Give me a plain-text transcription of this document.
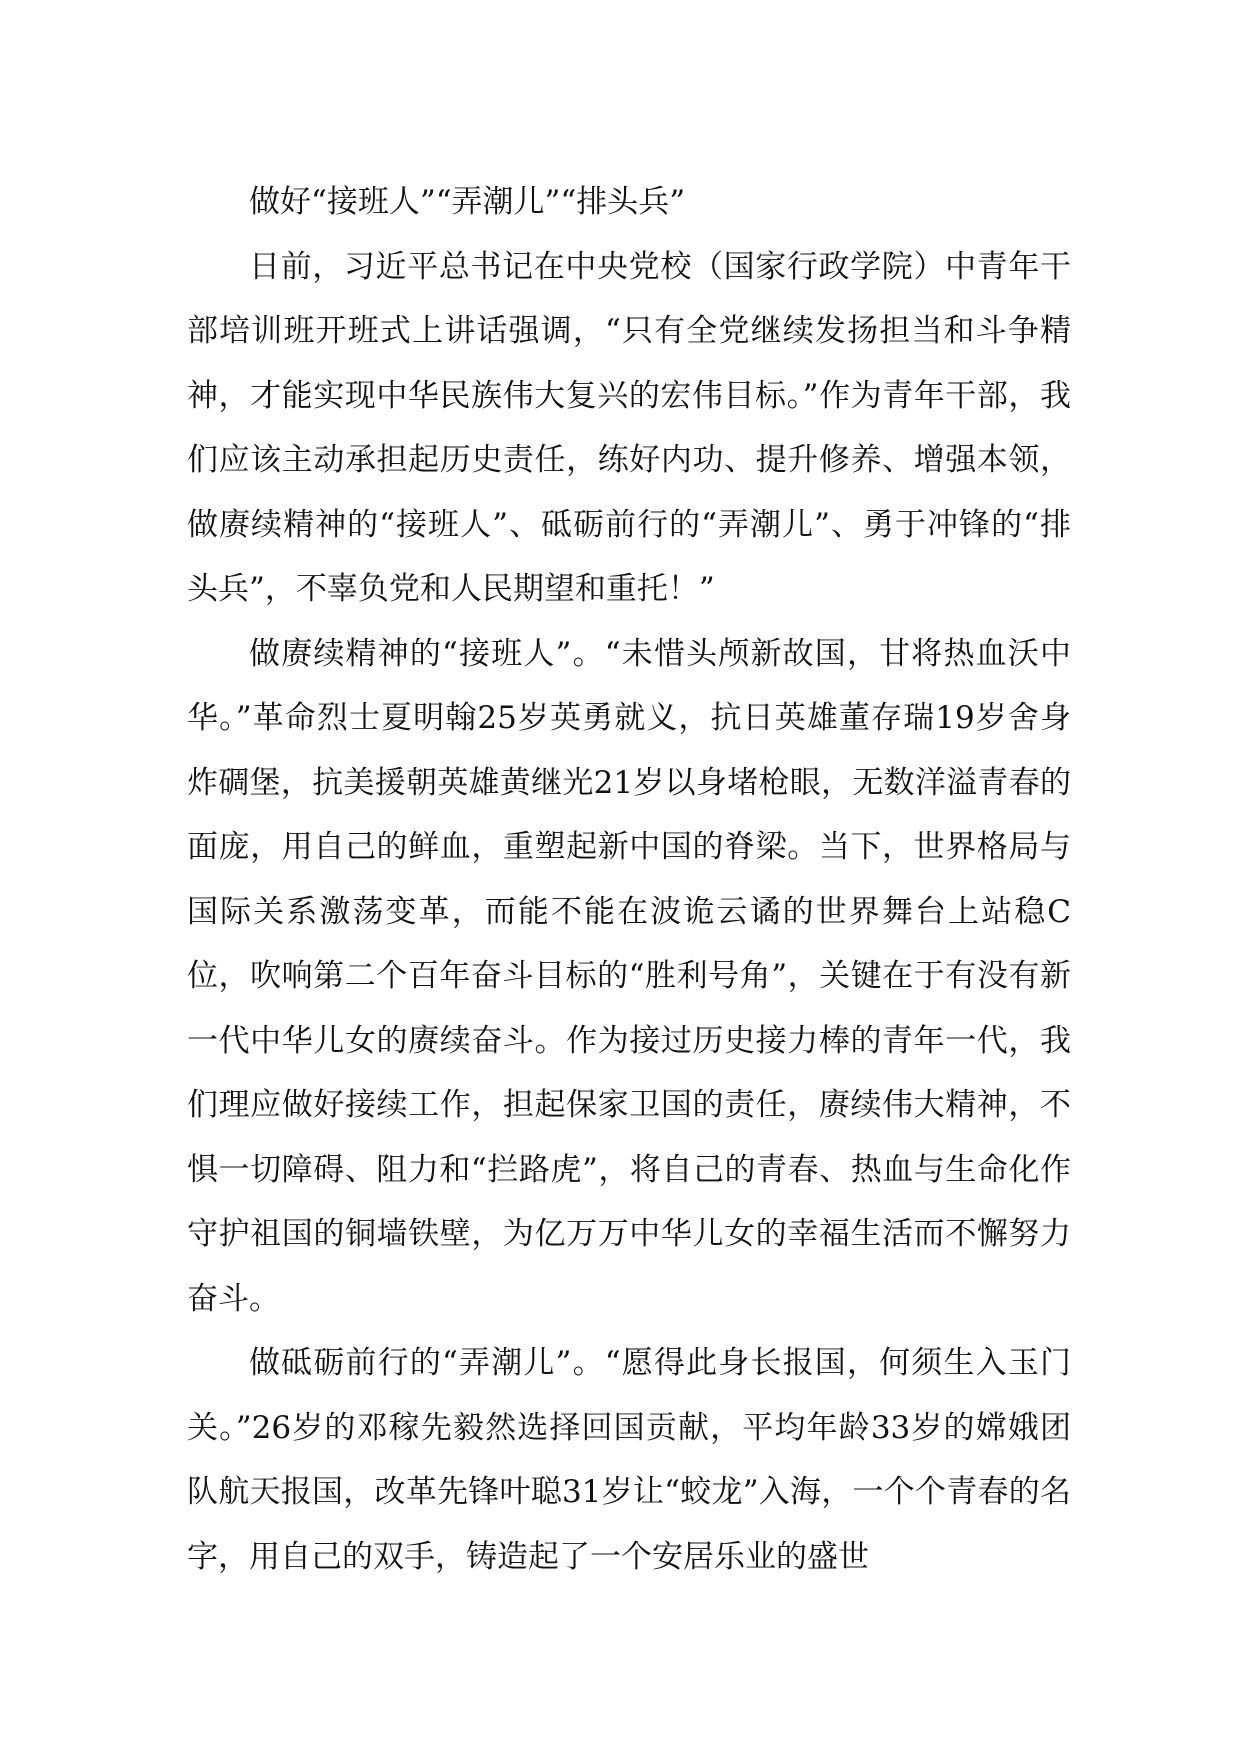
做好“接班人”“弄潮儿”“排头兵”

日前，习近平总书记在中央党校（国家行政学院）中青年干部培训班开班式上讲话强调，“只有全党继续发扬担当和斗争精神，才能实现中华民族伟大复兴的宏伟目标。”作为青年干部，我们应该主动承担起历史责任，练好内功、提升修养、增强本领，做赓续精神的“接班人”、砥砺前行的“弄潮儿”、勇于冲锋的“排头兵”，不辜负党和人民期望和重托！”

做赓续精神的“接班人”。“未惜头颅新故国，甘将热血沃中华。”革命烈士夏明翰25岁英勇就义，抗日英雄董存瑞19岁舍身炸碉堡，抗美援朝英雄黄继光21岁以身堵枪眼，无数洋溢青春的面庞，用自己的鲜血，重塑起新中国的脊梁。当下，世界格局与国际关系激荡变革，而能不能在波诡云谲的世界舞台上站稳C位，吹响第二个百年奋斗目标的“胜利号角”，关键在于有没有新一代中华儿女的赓续奋斗。作为接过历史接力棒的青年一代，我们理应做好接续工作，担起保家卫国的责任，赓续伟大精神，不惧一切障碍、阻力和“拦路虎”，将自己的青春、热血与生命化作守护祖国的铜墙铁壁，为亿万万中华儿女的幸福生活而不懈努力奋斗。

做砥砺前行的“弄潮儿”。“愿得此身长报国，何须生入玉门关。”26岁的邓稼先毅然选择回国贡献，平均年龄33岁的嫦娥团队航天报国，改革先锋叶聪31岁让“蛟龙”入海，一个个青春的名字，用自己的双手，铸造起了一个安居乐业的盛世
